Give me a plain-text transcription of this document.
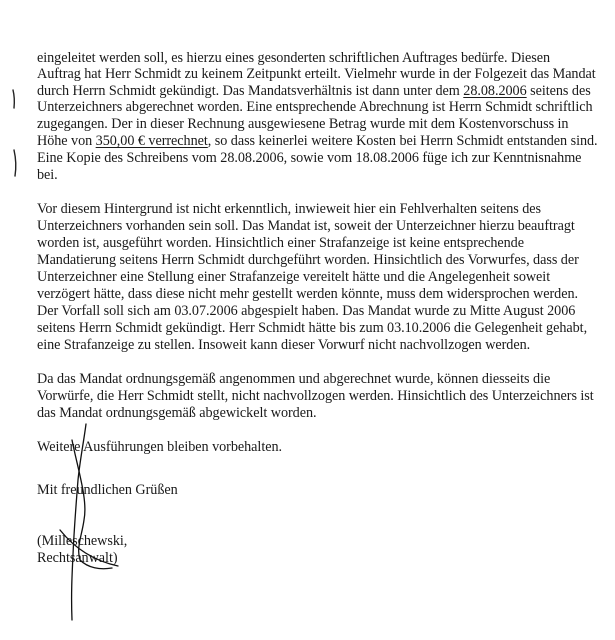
eingeleitet werden soll, es hierzu eines gesonderten schriftlichen Auftrages bedürfe. Diesen
Auftrag hat Herr Schmidt zu keinem Zeitpunkt erteilt. Vielmehr wurde in der Folgezeit das Mandat
durch Herrn Schmidt gekündigt. Das Mandatsverhältnis ist dann unter dem 28.08.2006 seitens des
Unterzeichners abgerechnet worden. Eine entsprechende Abrechnung ist Herrn Schmidt schriftlich
zugegangen. Der in dieser Rechnung ausgewiesene Betrag wurde mit dem Kostenvorschuss in
Höhe von 350,00 € verrechnet, so dass keinerlei weitere Kosten bei Herrn Schmidt entstanden sind.
Eine Kopie des Schreibens vom 28.08.2006, sowie vom 18.08.2006 füge ich zur Kenntnisnahme
bei.
Vor diesem Hintergrund ist nicht erkenntlich, inwieweit hier ein Fehlverhalten seitens des
Unterzeichners vorhanden sein soll. Das Mandat ist, soweit der Unterzeichner hierzu beauftragt
worden ist, ausgeführt worden. Hinsichtlich einer Strafanzeige ist keine entsprechende
Mandatierung seitens Herrn Schmidt durchgeführt worden. Hinsichtlich des Vorwurfes, dass der
Unterzeichner eine Stellung einer Strafanzeige vereitelt hätte und die Angelegenheit soweit
verzögert hätte, dass diese nicht mehr gestellt werden könnte, muss dem widersprochen werden.
Der Vorfall soll sich am 03.07.2006 abgespielt haben. Das Mandat wurde zu Mitte August 2006
seitens Herrn Schmidt gekündigt. Herr Schmidt hätte bis zum 03.10.2006 die Gelegenheit gehabt,
eine Strafanzeige zu stellen. Insoweit kann dieser Vorwurf nicht nachvollzogen werden.
Da das Mandat ordnungsgemäß angenommen und abgerechnet wurde, können diesseits die
Vorwürfe, die Herr Schmidt stellt, nicht nachvollzogen werden. Hinsichtlich des Unterzeichners ist
das Mandat ordnungsgemäß abgewickelt worden.
Weitere Ausführungen bleiben vorbehalten.
Mit freundlichen Grüßen
(Milleschewski,
Rechtsanwalt)
